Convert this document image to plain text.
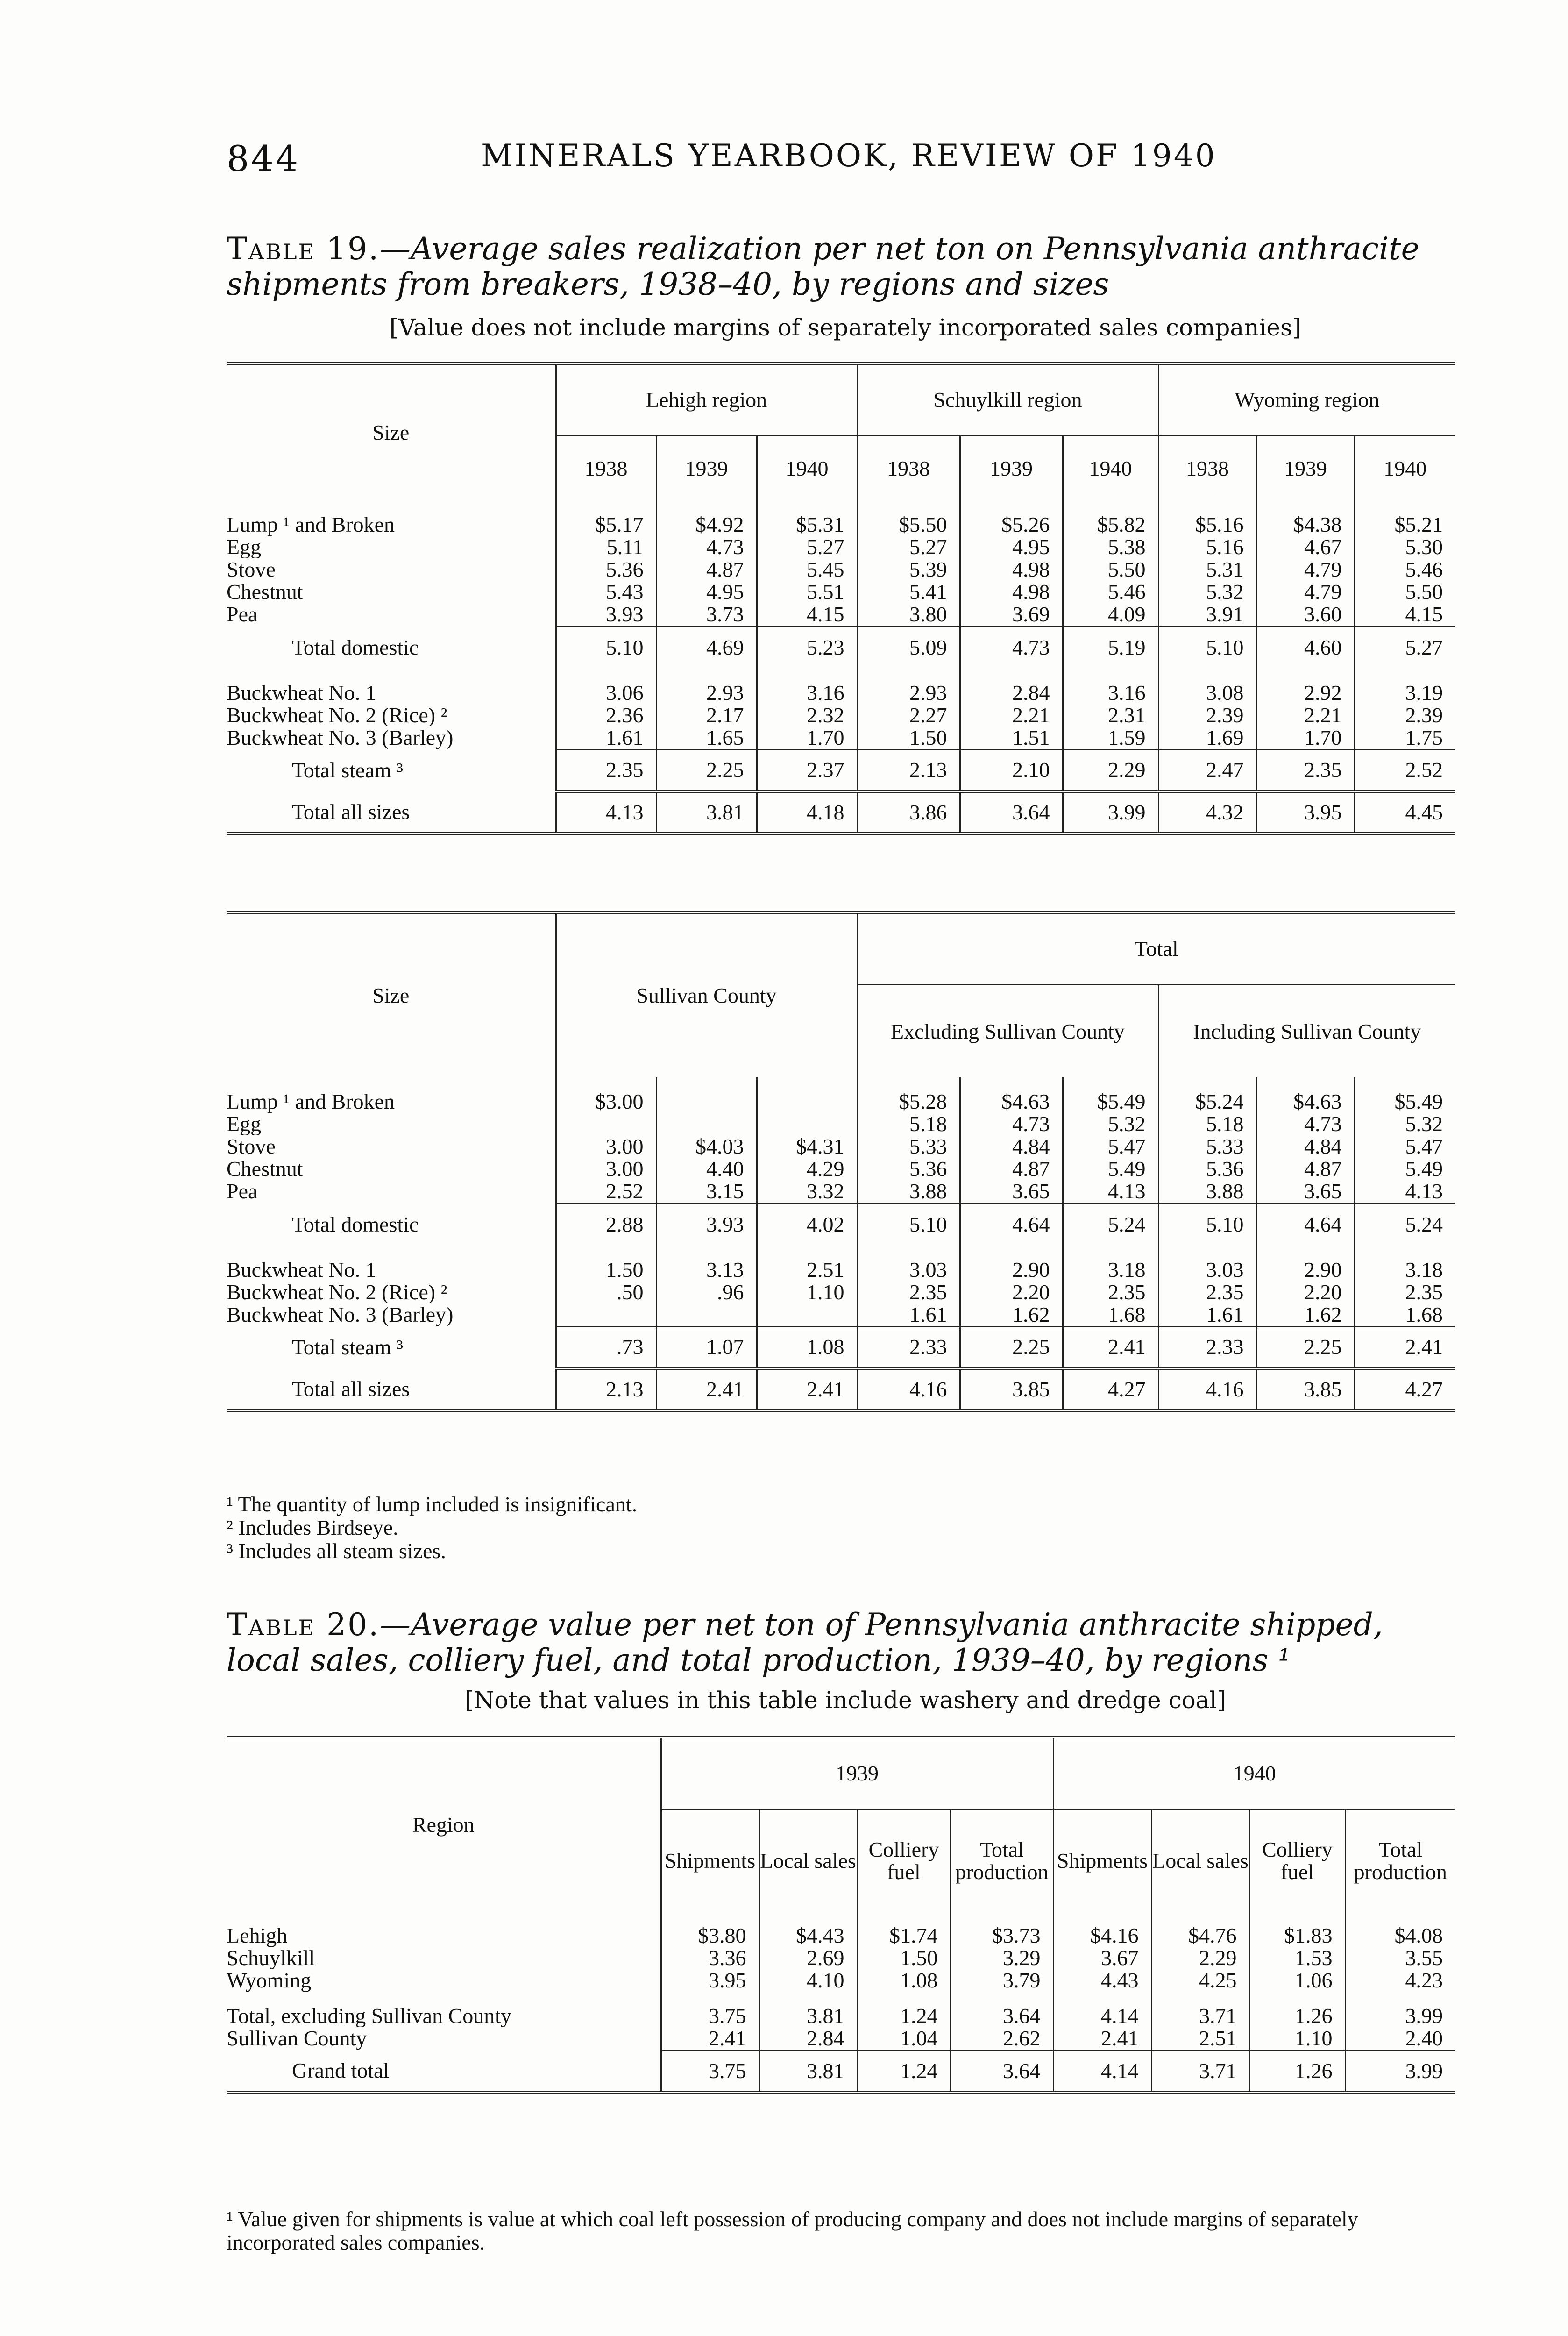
844	MINERALS YEARBOOK, REVIEW OF 1940
Table 19.—Average sales realization per net ton on Pennsylvania anthracite shipments from breakers, 1938–40, by regions and sizes
[Value does not include margins of separately incorporated sales companies]
Size	Lehigh region			Schuylkill region			Wyoming region		
	1938	1939	1940	1938	1939	1940	1938	1939	1940

Lump ¹ and Broken	$5.17	$4.92	$5.31	$5.50	$5.26	$5.82	$5.16	$4.38	$5.21
Egg	5.11	4.73	5.27	5.27	4.95	5.38	5.16	4.67	5.30
Stove	5.36	4.87	5.45	5.39	4.98	5.50	5.31	4.79	5.46
Chestnut	5.43	4.95	5.51	5.41	4.98	5.46	5.32	4.79	5.50
Pea	3.93	3.73	4.15	3.80	3.69	4.09	3.91	3.60	4.15
Total domestic	5.10	4.69	5.23	5.09	4.73	5.19	5.10	4.60	5.27

Buckwheat No. 1	3.06	2.93	3.16	2.93	2.84	3.16	3.08	2.92	3.19
Buckwheat No. 2 (Rice) ²	2.36	2.17	2.32	2.27	2.21	2.31	2.39	2.21	2.39
Buckwheat No. 3 (Barley)	1.61	1.65	1.70	1.50	1.51	1.59	1.69	1.70	1.75
Total steam ³	2.35	2.25	2.37	2.13	2.10	2.29	2.47	2.35	2.52
Total all sizes	4.13	3.81	4.18	3.86	3.64	3.99	4.32	3.95	4.45
Size	Sullivan County			Total					
				Excluding Sullivan County			Including Sullivan County		

Lump ¹ and Broken	$3.00			$5.28	$4.63	$5.49	$5.24	$4.63	$5.49
Egg				5.18	4.73	5.32	5.18	4.73	5.32
Stove	3.00	$4.03	$4.31	5.33	4.84	5.47	5.33	4.84	5.47
Chestnut	3.00	4.40	4.29	5.36	4.87	5.49	5.36	4.87	5.49
Pea	2.52	3.15	3.32	3.88	3.65	4.13	3.88	3.65	4.13
Total domestic	2.88	3.93	4.02	5.10	4.64	5.24	5.10	4.64	5.24

Buckwheat No. 1	1.50	3.13	2.51	3.03	2.90	3.18	3.03	2.90	3.18
Buckwheat No. 2 (Rice) ²	.50	.96	1.10	2.35	2.20	2.35	2.35	2.20	2.35
Buckwheat No. 3 (Barley)				1.61	1.62	1.68	1.61	1.62	1.68
Total steam ³	.73	1.07	1.08	2.33	2.25	2.41	2.33	2.25	2.41
Total all sizes	2.13	2.41	2.41	4.16	3.85	4.27	4.16	3.85	4.27
¹ The quantity of lump included is insignificant.
² Includes Birdseye.
³ Includes all steam sizes.
Table 20.—Average value per net ton of Pennsylvania anthracite shipped, local sales, colliery fuel, and total production, 1939–40, by regions ¹
[Note that values in this table include washery and dredge coal]
Region	1939				1940			
	Shipments	Local sales	Colliery fuel	Total production	Shipments	Local sales	Colliery fuel	Total production

Lehigh	$3.80	$4.43	$1.74	$3.73	$4.16	$4.76	$1.83	$4.08
Schuylkill	3.36	2.69	1.50	3.29	3.67	2.29	1.53	3.55
Wyoming	3.95	4.10	1.08	3.79	4.43	4.25	1.06	4.23

Total, excluding Sullivan County	3.75	3.81	1.24	3.64	4.14	3.71	1.26	3.99
Sullivan County	2.41	2.84	1.04	2.62	2.41	2.51	1.10	2.40
Grand total	3.75	3.81	1.24	3.64	4.14	3.71	1.26	3.99
¹ Value given for shipments is value at which coal left possession of producing company and does not include margins of separately incorporated sales companies.
